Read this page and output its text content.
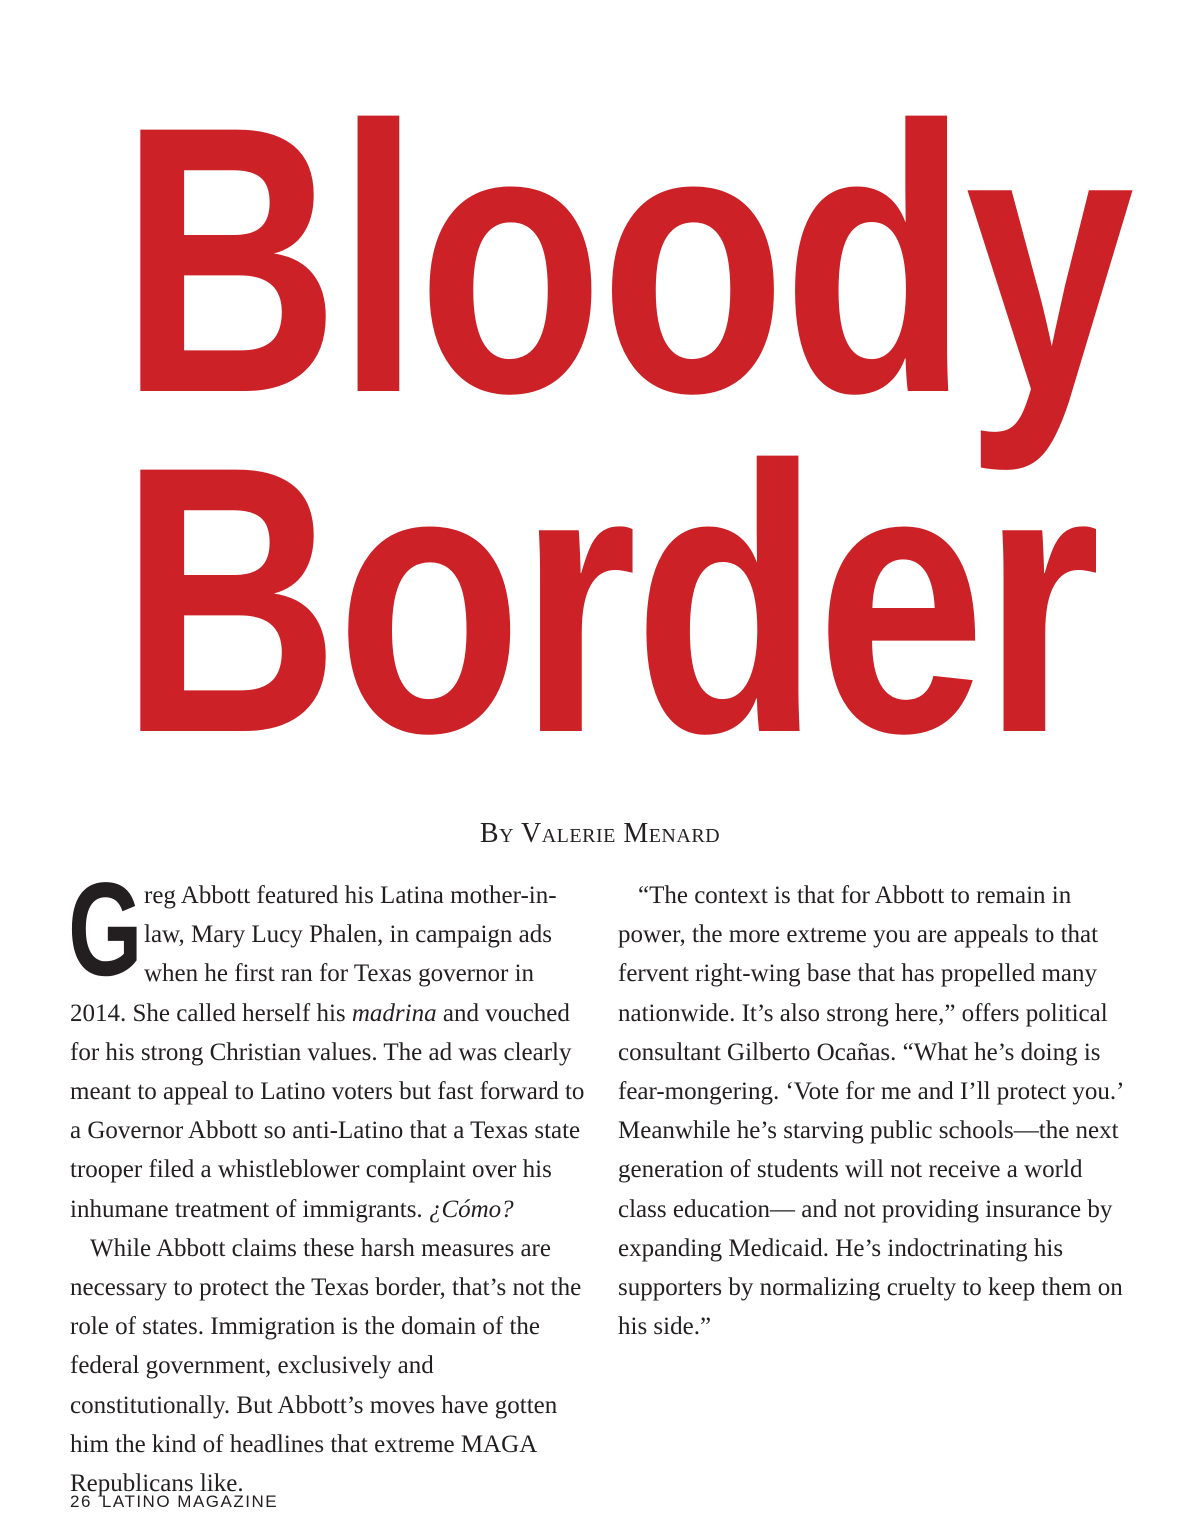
Bloody
Border
By Valerie Menard

Greg Abbott featured his Latina mother-in-law, Mary Lucy Phalen, in campaign ads when he first ran for Texas governor in 2014. She called herself his madrina and vouched for his strong Christian values. The ad was clearly meant to appeal to Latino voters but fast forward to a Governor Abbott so anti-Latino that a Texas state trooper filed a whistleblower complaint over his inhumane treatment of immigrants. ¿Cómo?

While Abbott claims these harsh measures are necessary to protect the Texas border, that’s not the role of states. Immigration is the domain of the federal government, exclusively and constitutionally. But Abbott’s moves have gotten him the kind of headlines that extreme MAGA Republicans like.

“The context is that for Abbott to remain in power, the more extreme you are appeals to that fervent right-wing base that has propelled many nationwide. It’s also strong here,” offers political consultant Gilberto Ocañas. “What he’s doing is fear-mongering. ‘Vote for me and I’ll protect you.’ Meanwhile he’s starving public schools—the next generation of students will not receive a world class education— and not providing insurance by expanding Medicaid. He’s indoctrinating his supporters by normalizing cruelty to keep them on his side.”

26 LATINO MAGAZINE
